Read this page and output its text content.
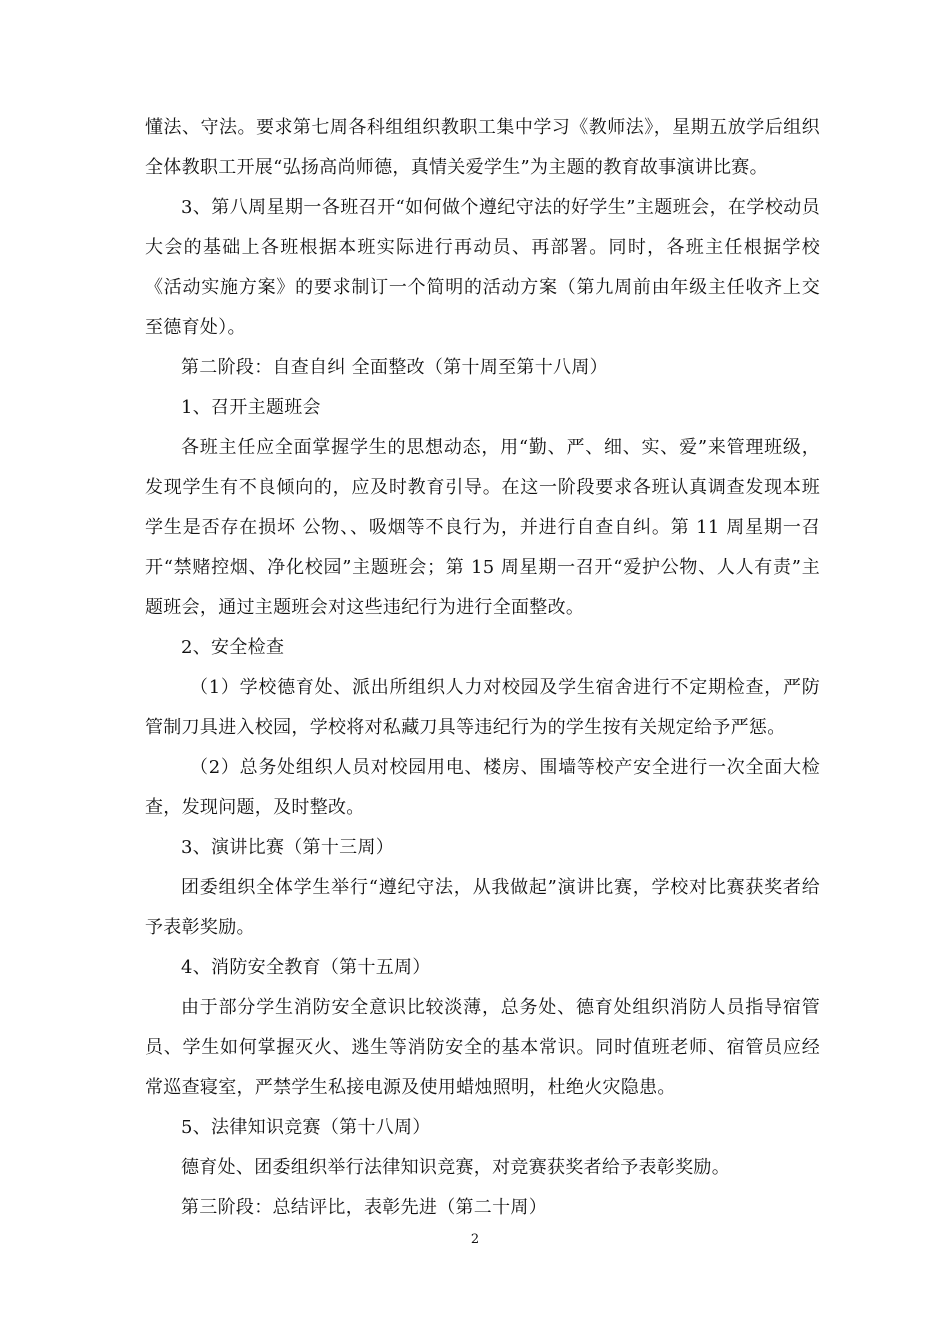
懂法、守法。要求第七周各科组组织教职工集中学习《教师法》，星期五放学后组织全体教职工开展“弘扬高尚师德，真情关爱学生”为主题的教育故事演讲比赛。

3、第八周星期一各班召开“如何做个遵纪守法的好学生”主题班会，在学校动员大会的基础上各班根据本班实际进行再动员、再部署。同时，各班主任根据学校《活动实施方案》的要求制订一个简明的活动方案（第九周前由年级主任收齐上交至德育处）。

第二阶段：自查自纠 全面整改（第十周至第十八周）

1、召开主题班会

各班主任应全面掌握学生的思想动态，用“勤、严、细、实、爱”来管理班级，发现学生有不良倾向的，应及时教育引导。在这一阶段要求各班认真调查发现本班学生是否存在损坏 公物、、吸烟等不良行为，并进行自查自纠。第 11 周星期一召开“禁赌控烟、净化校园”主题班会；第 15 周星期一召开“爱护公物、人人有责”主题班会，通过主题班会对这些违纪行为进行全面整改。

2、安全检查

（1）学校德育处、派出所组织人力对校园及学生宿舍进行不定期检查，严防管制刀具进入校园，学校将对私藏刀具等违纪行为的学生按有关规定给予严惩。

（2）总务处组织人员对校园用电、楼房、围墙等校产安全进行一次全面大检查，发现问题，及时整改。

3、演讲比赛（第十三周）

团委组织全体学生举行“遵纪守法，从我做起”演讲比赛，学校对比赛获奖者给予表彰奖励。

4、消防安全教育（第十五周）

由于部分学生消防安全意识比较淡薄，总务处、德育处组织消防人员指导宿管员、学生如何掌握灭火、逃生等消防安全的基本常识。同时值班老师、宿管员应经常巡查寝室，严禁学生私接电源及使用蜡烛照明，杜绝火灾隐患。

5、法律知识竞赛（第十八周）

德育处、团委组织举行法律知识竞赛，对竞赛获奖者给予表彰奖励。

第三阶段：总结评比，表彰先进（第二十周）

2
